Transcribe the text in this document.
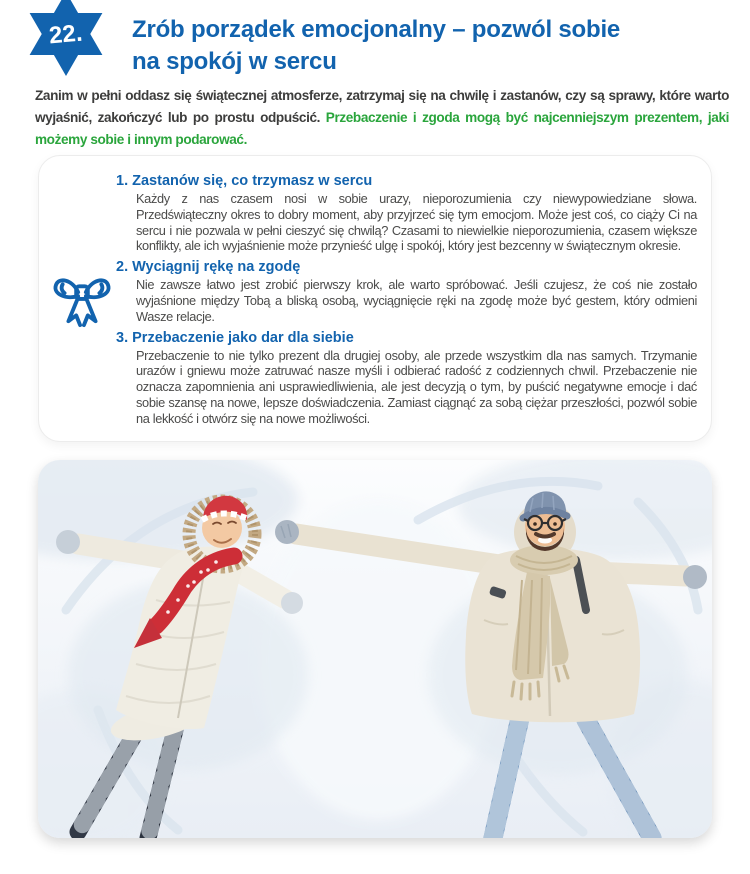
22. Zrób porządek emocjonalny – pozwól sobie
na spokój w sercu

Zanim w pełni oddasz się świątecznej atmosferze, zatrzymaj się na chwilę i zastanów, czy są sprawy, które warto wyjaśnić, zakończyć lub po prostu odpuścić. Przebaczenie i zgoda mogą być najcenniejszym prezentem, jaki możemy sobie i innym podarować.

1. Zastanów się, co trzymasz w sercu

Każdy z nas czasem nosi w sobie urazy, nieporozumienia czy niewypowiedziane słowa. Przedświąteczny okres to dobry moment, aby przyjrzeć się tym emocjom. Może jest coś, co ciąży Ci na sercu i nie pozwala w pełni cieszyć się chwilą? Czasami to niewielkie nieporozumienia, czasem większe konflikty, ale ich wyjaśnienie może przynieść ulgę i spokój, który jest bezcenny w świątecznym okresie.

2. Wyciągnij rękę na zgodę

Nie zawsze łatwo jest zrobić pierwszy krok, ale warto spróbować. Jeśli czujesz, że coś nie zostało wyjaśnione między Tobą a bliską osobą, wyciągnięcie ręki na zgodę może być gestem, który odmieni Wasze relacje.

3. Przebaczenie jako dar dla siebie

Przebaczenie to nie tylko prezent dla drugiej osoby, ale przede wszystkim dla nas samych. Trzymanie urazów i gniewu może zatruwać nasze myśli i odbierać radość z codziennych chwil. Przebaczenie nie oznacza zapomnienia ani usprawiedliwienia, ale jest decyzją o tym, by puścić negatywne emocje i dać sobie szansę na nowe, lepsze doświadczenia. Zamiast ciągnąć za sobą ciężar przeszłości, pozwól sobie na lekkość i otwórz się na nowe możliwości.
